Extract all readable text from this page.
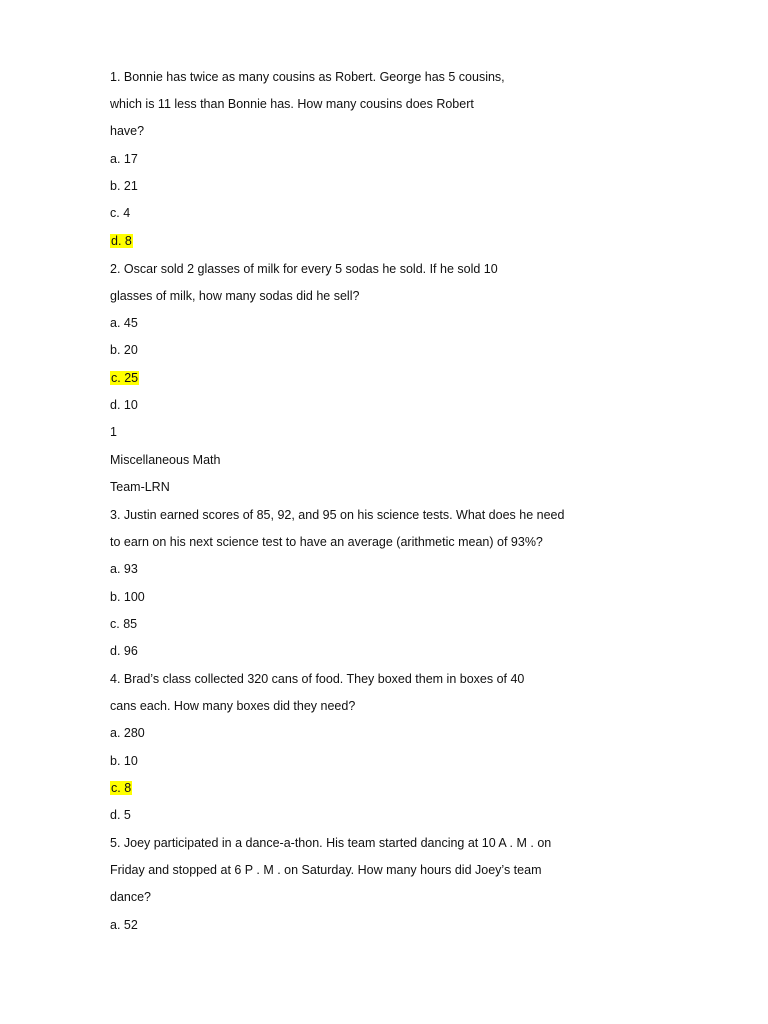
1. Bonnie has twice as many cousins as Robert. George has 5 cousins,
which is 11 less than Bonnie has. How many cousins does Robert
have?
a. 17
b. 21
c. 4
d. 8
2. Oscar sold 2 glasses of milk for every 5 sodas he sold. If he sold 10
glasses of milk, how many sodas did he sell?
a. 45
b. 20
c. 25
d. 10
1
Miscellaneous Math
Team-LRN
3. Justin earned scores of 85, 92, and 95 on his science tests. What does he need
to earn on his next science test to have an average (arithmetic mean) of 93%?
a. 93
b. 100
c. 85
d. 96
4. Brad’s class collected 320 cans of food. They boxed them in boxes of 40
cans each. How many boxes did they need?
a. 280
b. 10
c. 8
d. 5
5. Joey participated in a dance-a-thon. His team started dancing at 10 A . M . on
Friday and stopped at 6 P . M . on Saturday. How many hours did Joey’s team
dance?
a. 52
